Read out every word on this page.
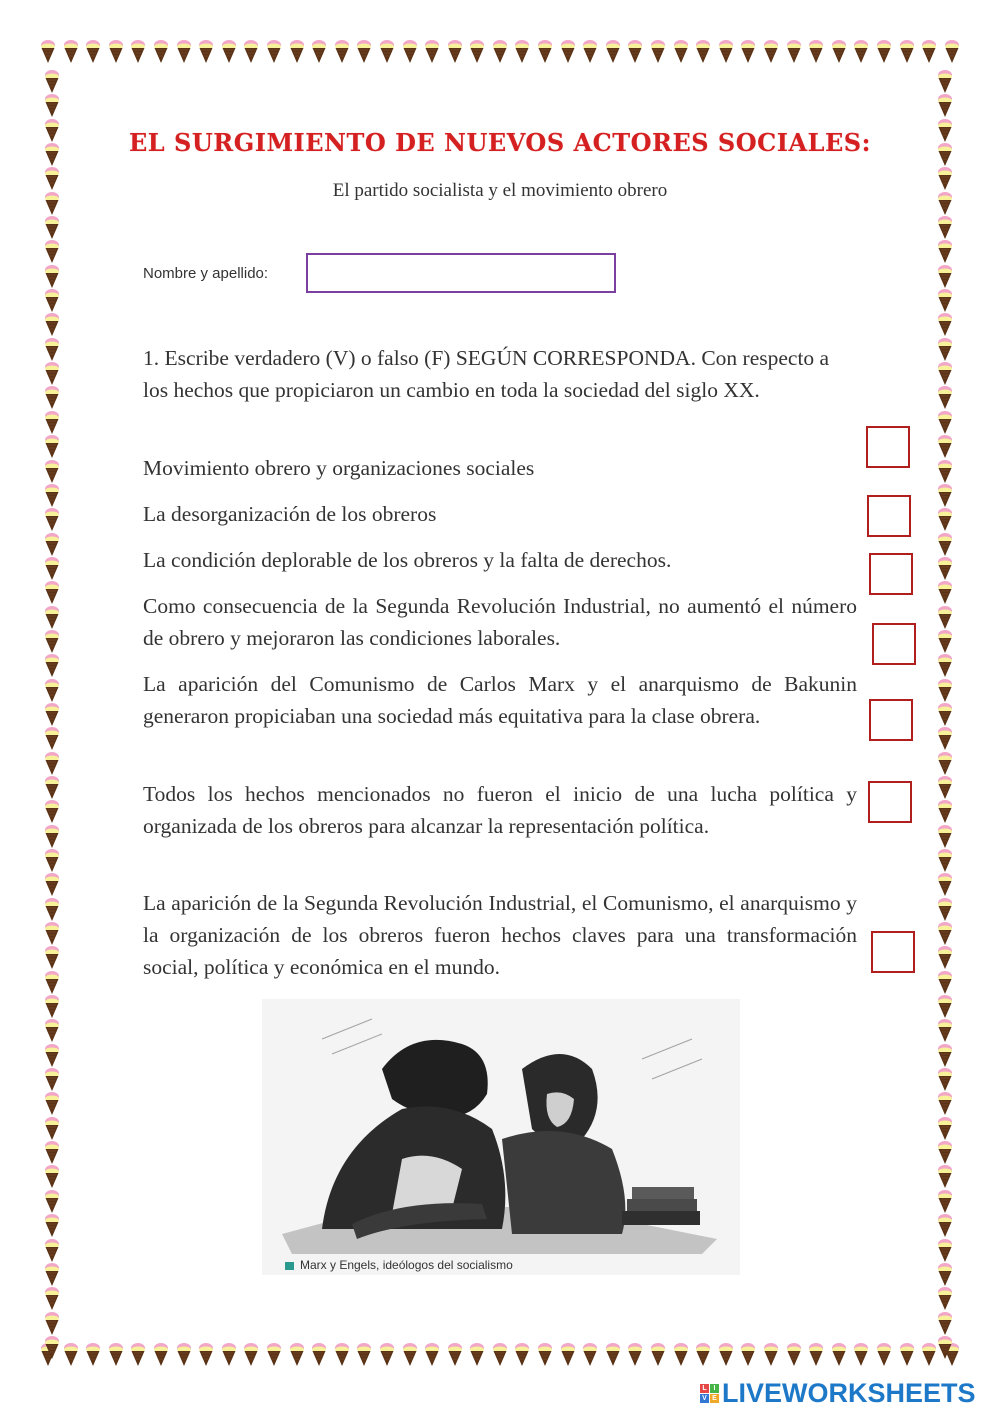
EL SURGIMIENTO DE NUEVOS ACTORES SOCIALES:
El partido socialista y el movimiento obrero
Nombre y apellido:
1. Escribe verdadero (V) o falso (F) SEGÚN CORRESPONDA. Con respecto a los hechos que propiciaron un cambio en toda la sociedad del siglo XX.
Movimiento obrero y organizaciones sociales
La desorganización de los obreros
La condición deplorable de los obreros y la falta de derechos.
Como consecuencia de la Segunda Revolución Industrial, no aumentó el número de obrero y mejoraron las condiciones laborales.
La aparición del Comunismo de Carlos Marx y el anarquismo de Bakunin generaron propiciaban una sociedad más equitativa para la clase obrera.
Todos los hechos mencionados no fueron el inicio de una lucha política y organizada de los obreros para alcanzar la representación política.
La aparición de la Segunda Revolución Industrial, el Comunismo, el anarquismo y la organización de los obreros fueron hechos claves para una transformación social, política y económica en el mundo.
Marx y Engels, ideólogos del socialismo
L I
V E LIVEWORKSHEETS
